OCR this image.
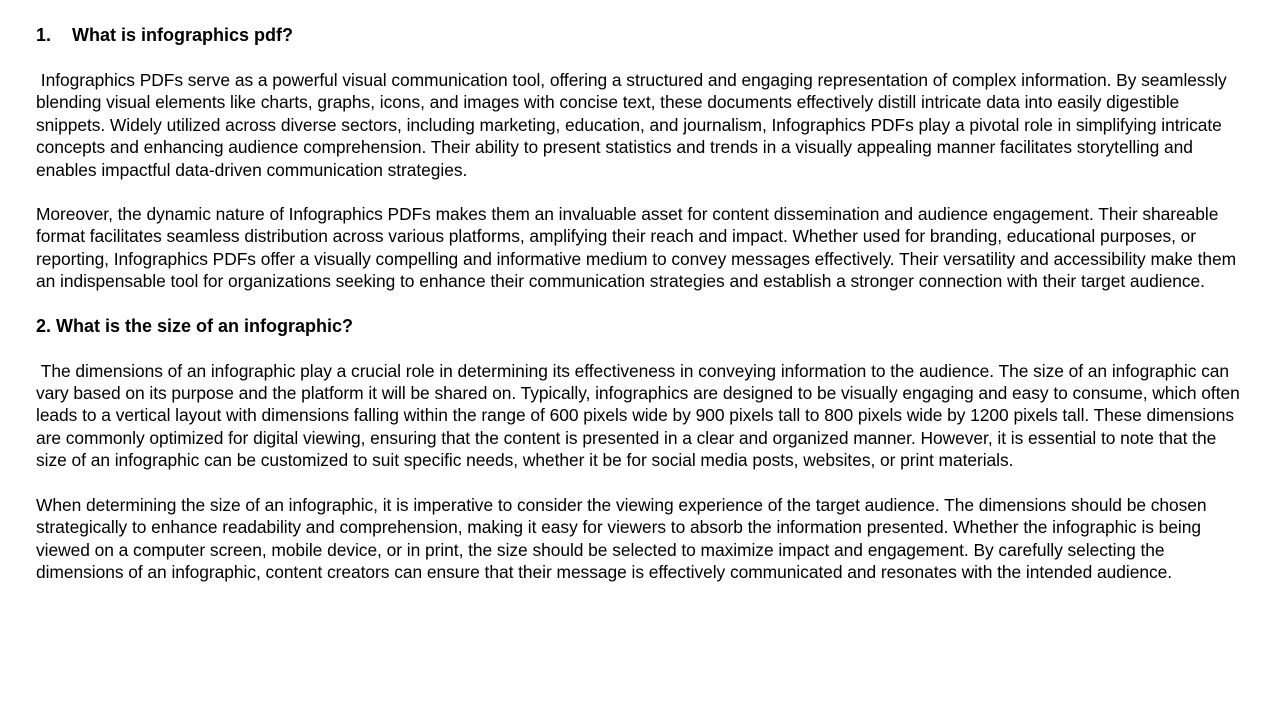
1. What is infographics pdf?

Infographics PDFs serve as a powerful visual communication tool, offering a structured and engaging representation of complex information. By seamlessly blending visual elements like charts, graphs, icons, and images with concise text, these documents effectively distill intricate data into easily digestible snippets. Widely utilized across diverse sectors, including marketing, education, and journalism, Infographics PDFs play a pivotal role in simplifying intricate concepts and enhancing audience comprehension. Their ability to present statistics and trends in a visually appealing manner facilitates storytelling and enables impactful data-driven communication strategies.

Moreover, the dynamic nature of Infographics PDFs makes them an invaluable asset for content dissemination and audience engagement. Their shareable format facilitates seamless distribution across various platforms, amplifying their reach and impact. Whether used for branding, educational purposes, or reporting, Infographics PDFs offer a visually compelling and informative medium to convey messages effectively. Their versatility and accessibility make them an indispensable tool for organizations seeking to enhance their communication strategies and establish a stronger connection with their target audience.

2. What is the size of an infographic?

The dimensions of an infographic play a crucial role in determining its effectiveness in conveying information to the audience. The size of an infographic can vary based on its purpose and the platform it will be shared on. Typically, infographics are designed to be visually engaging and easy to consume, which often leads to a vertical layout with dimensions falling within the range of 600 pixels wide by 900 pixels tall to 800 pixels wide by 1200 pixels tall. These dimensions are commonly optimized for digital viewing, ensuring that the content is presented in a clear and organized manner. However, it is essential to note that the size of an infographic can be customized to suit specific needs, whether it be for social media posts, websites, or print materials.

When determining the size of an infographic, it is imperative to consider the viewing experience of the target audience. The dimensions should be chosen strategically to enhance readability and comprehension, making it easy for viewers to absorb the information presented. Whether the infographic is being viewed on a computer screen, mobile device, or in print, the size should be selected to maximize impact and engagement. By carefully selecting the dimensions of an infographic, content creators can ensure that their message is effectively communicated and resonates with the intended audience.
